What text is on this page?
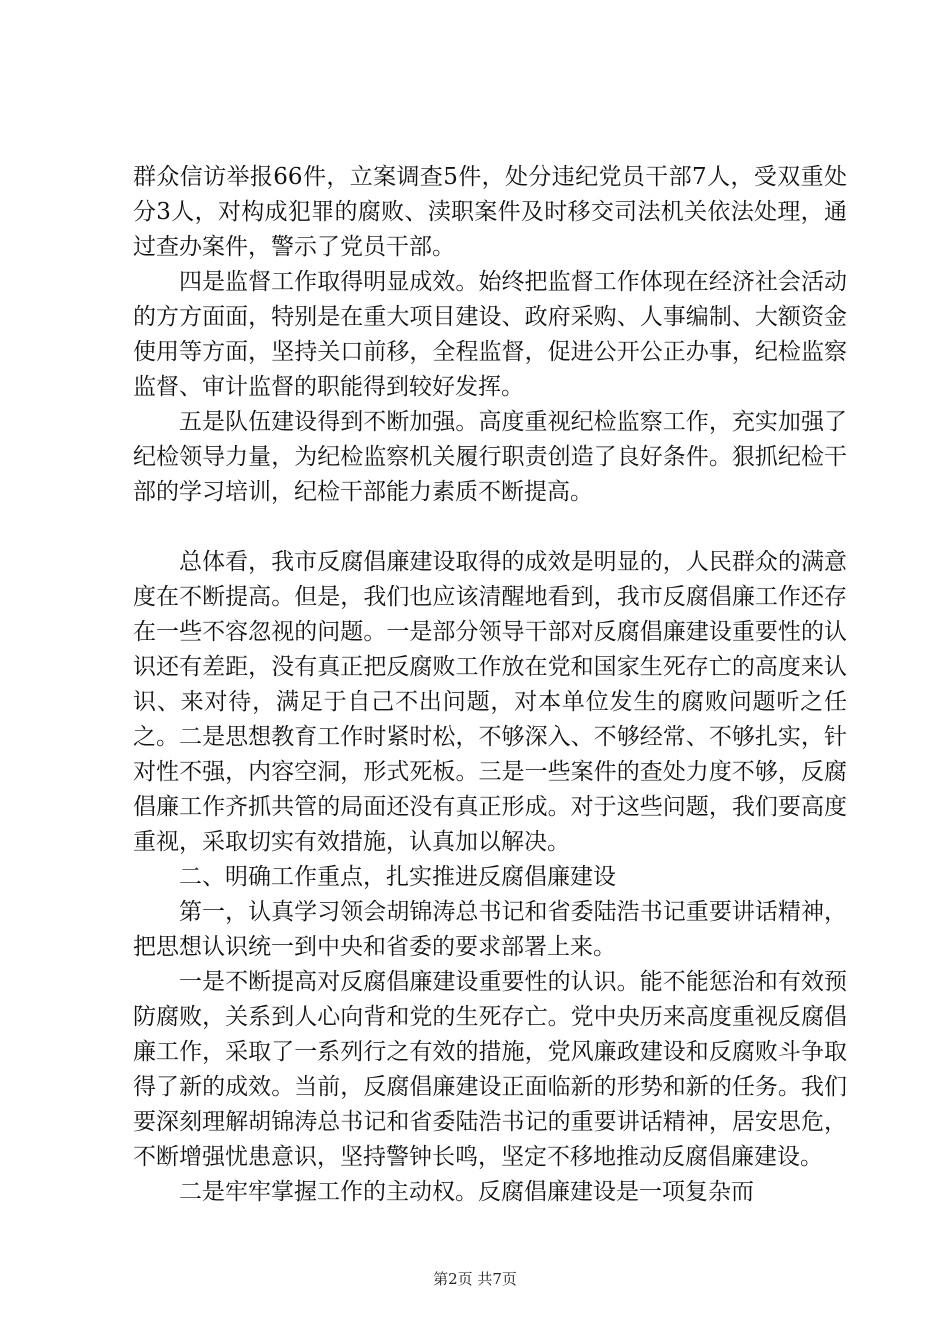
群众信访举报66件，立案调查5件，处分违纪党员干部7人，受双重处分3人，对构成犯罪的腐败、渎职案件及时移交司法机关依法处理，通过查办案件，警示了党员干部。

四是监督工作取得明显成效。始终把监督工作体现在经济社会活动的方方面面，特别是在重大项目建设、政府采购、人事编制、大额资金使用等方面，坚持关口前移，全程监督，促进公开公正办事，纪检监察监督、审计监督的职能得到较好发挥。

五是队伍建设得到不断加强。高度重视纪检监察工作，充实加强了纪检领导力量，为纪检监察机关履行职责创造了良好条件。狠抓纪检干部的学习培训，纪检干部能力素质不断提高。

总体看，我市反腐倡廉建设取得的成效是明显的，人民群众的满意度在不断提高。但是，我们也应该清醒地看到，我市反腐倡廉工作还存在一些不容忽视的问题。一是部分领导干部对反腐倡廉建设重要性的认识还有差距，没有真正把反腐败工作放在党和国家生死存亡的高度来认识、来对待，满足于自己不出问题，对本单位发生的腐败问题听之任之。二是思想教育工作时紧时松，不够深入、不够经常、不够扎实，针对性不强，内容空洞，形式死板。三是一些案件的查处力度不够，反腐倡廉工作齐抓共管的局面还没有真正形成。对于这些问题，我们要高度重视，采取切实有效措施，认真加以解决。

二、明确工作重点，扎实推进反腐倡廉建设

第一，认真学习领会胡锦涛总书记和省委陆浩书记重要讲话精神，把思想认识统一到中央和省委的要求部署上来。

一是不断提高对反腐倡廉建设重要性的认识。能不能惩治和有效预防腐败，关系到人心向背和党的生死存亡。党中央历来高度重视反腐倡廉工作，采取了一系列行之有效的措施，党风廉政建设和反腐败斗争取得了新的成效。当前，反腐倡廉建设正面临新的形势和新的任务。我们要深刻理解胡锦涛总书记和省委陆浩书记的重要讲话精神，居安思危，不断增强忧患意识，坚持警钟长鸣，坚定不移地推动反腐倡廉建设。

二是牢牢掌握工作的主动权。反腐倡廉建设是一项复杂而

第2页 共7页
